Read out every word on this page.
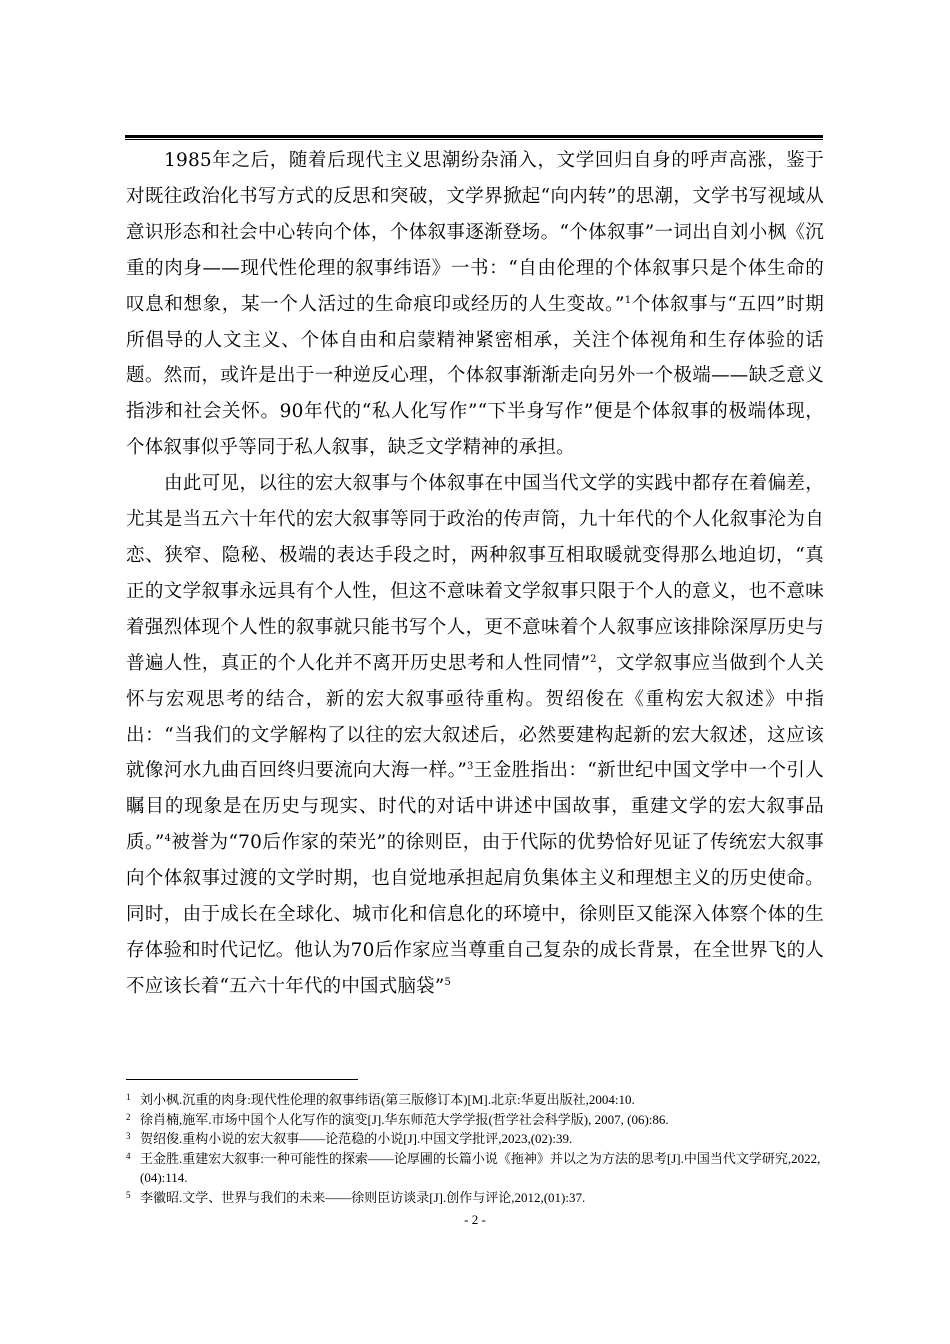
1985年之后，随着后现代主义思潮纷杂涌入，文学回归自身的呼声高涨，鉴于对既往政治化书写方式的反思和突破，文学界掀起“向内转”的思潮，文学书写视域从意识形态和社会中心转向个体，个体叙事逐渐登场。“个体叙事”一词出自刘小枫《沉重的肉身——现代性伦理的叙事纬语》一书：“自由伦理的个体叙事只是个体生命的叹息和想象，某一个人活过的生命痕印或经历的人生变故。”$^1$个体叙事与“五四”时期所倡导的人文主义、个体自由和启蒙精神紧密相承，关注个体视角和生存体验的话题。然而，或许是出于一种逆反心理，个体叙事渐渐走向另外一个极端——缺乏意义指涉和社会关怀。90年代的“私人化写作”“下半身写作”便是个体叙事的极端体现，个体叙事似乎等同于私人叙事，缺乏文学精神的承担。

由此可见，以往的宏大叙事与个体叙事在中国当代文学的实践中都存在着偏差，尤其是当五六十年代的宏大叙事等同于政治的传声筒，九十年代的个人化叙事沦为自恋、狭窄、隐秘、极端的表达手段之时，两种叙事互相取暖就变得那么地迫切，“真正的文学叙事永远具有个人性，但这不意味着文学叙事只限于个人的意义，也不意味着强烈体现个人性的叙事就只能书写个人，更不意味着个人叙事应该排除深厚历史与普遍人性，真正的个人化并不离开历史思考和人性同情”$^2$，文学叙事应当做到个人关怀与宏观思考的结合，新的宏大叙事亟待重构。贺绍俊在《重构宏大叙述》中指出：“当我们的文学解构了以往的宏大叙述后，必然要建构起新的宏大叙述，这应该就像河水九曲百回终归要流向大海一样。”$^3$王金胜指出：“新世纪中国文学中一个引人瞩目的现象是在历史与现实、时代的对话中讲述中国故事，重建文学的宏大叙事品质。”$^4$被誉为“70后作家的荣光”的徐则臣，由于代际的优势恰好见证了传统宏大叙事向个体叙事过渡的文学时期，也自觉地承担起肩负集体主义和理想主义的历史使命。同时，由于成长在全球化、城市化和信息化的环境中，徐则臣又能深入体察个体的生存体验和时代记忆。他认为70后作家应当尊重自己复杂的成长背景，在全世界飞的人不应该长着“五六十年代的中国式脑袋”$^5$

1 刘小枫.沉重的肉身:现代性伦理的叙事纬语(第三版修订本)[M].北京:华夏出版社,2004:10.

2 徐肖楠,施军.市场中国个人化写作的演变[J].华东师范大学学报(哲学社会科学版), 2007, (06):86.

3 贺绍俊.重构小说的宏大叙事——论范稳的小说[J].中国文学批评,2023,(02):39.

4 王金胜.重建宏大叙事:一种可能性的探索——论厚圃的长篇小说《拖神》并以之为方法的思考[J].中国当代文学研究,2022,(04):114.

5 李徽昭.文学、世界与我们的未来——徐则臣访谈录[J].创作与评论,2012,(01):37.

- 2 -
